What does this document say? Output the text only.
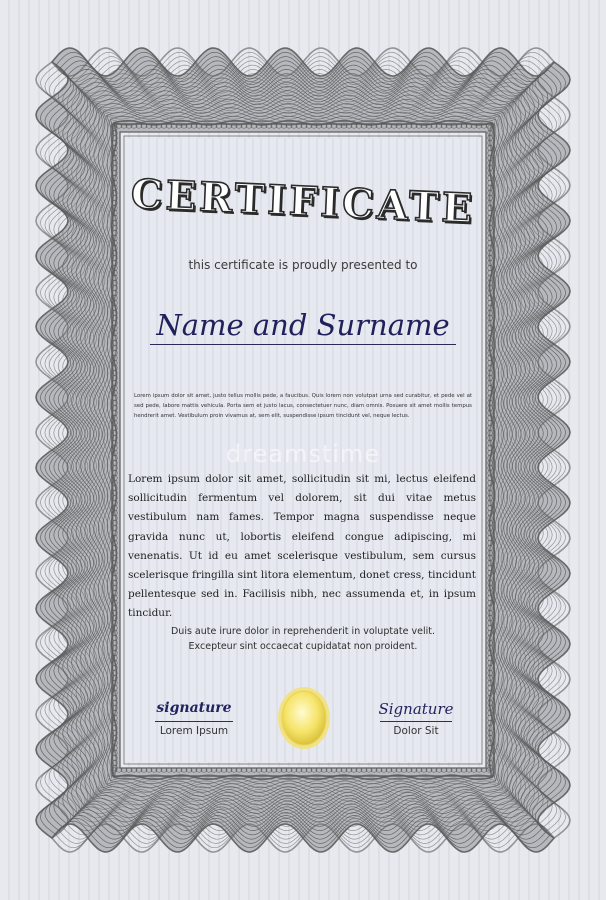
CERTIFICATE
this certificate is proudly presented to
Name and Surname
Lorem ipsum dolor sit amet, justo tellus mollis pede, a faucibus. Quis lorem non volutpat urna sed curabitur, et pede vel at sed pede, labore mattis vehicula. Porta sem et justo lacus, consectetuer nunc, diam omnis. Posuere sit amet mollis tempus hendrerit amet. Vestibulum proin vivamus at, sem elit, suspendisse ipsum tincidunt vel, neque lectus.
dreamstime
Lorem ipsum dolor sit amet, sollicitudin sit mi, lectus eleifend sollicitudin fermentum vel dolorem, sit dui vitae metus vestibulum nam fames. Tempor magna suspendisse neque gravida nunc ut, lobortis eleifend congue adipiscing, mi venenatis. Ut id eu amet scelerisque vestibulum, sem cursus scelerisque fringilla sint litora elementum, donet cress, tincidunt pellentesque sed in. Facilisis nibh, nec assumenda et, in ipsum tincidur.
Duis aute irure dolor in reprehenderit in voluptate velit.
Excepteur sint occaecat cupidatat non proident.
signature
Lorem Ipsum
Signature
Dolor Sit
